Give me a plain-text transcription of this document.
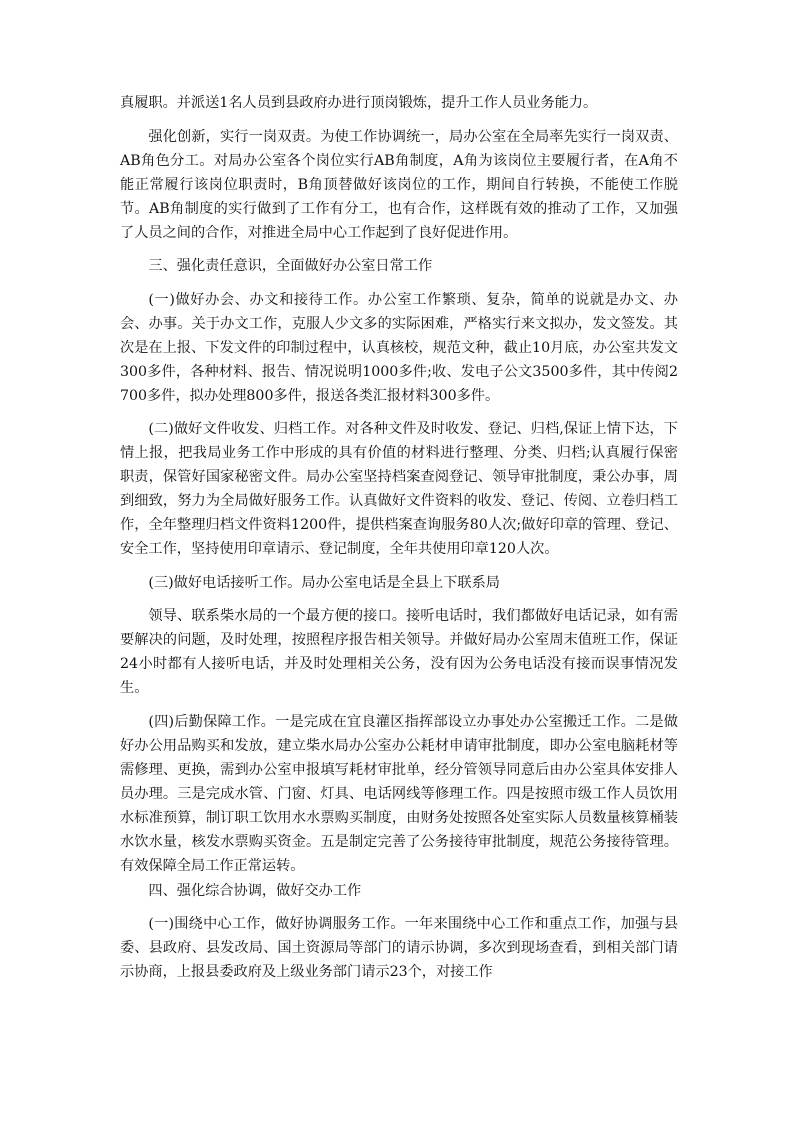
真履职。并派送1名人员到县政府办进行顶岗锻炼，提升工作人员业务能力。

强化创新，实行一岗双责。为使工作协调统一，局办公室在全局率先实行一岗双责、AB角色分工。对局办公室各个岗位实行AB角制度，A角为该岗位主要履行者，在A角不能正常履行该岗位职责时，B角顶替做好该岗位的工作，期间自行转换，不能使工作脱节。AB角制度的实行做到了工作有分工，也有合作，这样既有效的推动了工作，又加强了人员之间的合作，对推进全局中心工作起到了良好促进作用。

三、强化责任意识，全面做好办公室日常工作

(一)做好办会、办文和接待工作。办公室工作繁琐、复杂，简单的说就是办文、办会、办事。关于办文工作，克服人少文多的实际困难，严格实行来文拟办，发文签发。其次是在上报、下发文件的印制过程中，认真核校，规范文种，截止10月底，办公室共发文300多件，各种材料、报告、情况说明1000多件;收、发电子公文3500多件，其中传阅2700多件，拟办处理800多件，报送各类汇报材料300多件。

(二)做好文件收发、归档工作。对各种文件及时收发、登记、归档,保证上情下达，下情上报，把我局业务工作中形成的具有价值的材料进行整理、分类、归档;认真履行保密职责，保管好国家秘密文件。局办公室坚持档案查阅登记、领导审批制度，秉公办事，周到细致，努力为全局做好服务工作。认真做好文件资料的收发、登记、传阅、立卷归档工作，全年整理归档文件资料1200件，提供档案查询服务80人次;做好印章的管理、登记、安全工作，坚持使用印章请示、登记制度，全年共使用印章120人次。

(三)做好电话接听工作。局办公室电话是全县上下联系局

领导、联系柴水局的一个最方便的接口。接听电话时，我们都做好电话记录，如有需要解决的问题，及时处理，按照程序报告相关领导。并做好局办公室周末值班工作，保证24小时都有人接听电话，并及时处理相关公务，没有因为公务电话没有接而误事情况发生。

(四)后勤保障工作。一是完成在宜良灌区指挥部设立办事处办公室搬迁工作。二是做好办公用品购买和发放，建立柴水局办公室办公耗材申请审批制度，即办公室电脑耗材等需修理、更换，需到办公室申报填写耗材审批单，经分管领导同意后由办公室具体安排人员办理。三是完成水管、门窗、灯具、电话网线等修理工作。四是按照市级工作人员饮用水标准预算，制订职工饮用水水票购买制度，由财务处按照各处室实际人员数量核算桶装水饮水量，核发水票购买资金。五是制定完善了公务接待审批制度，规范公务接待管理。有效保障全局工作正常运转。

四、强化综合协调，做好交办工作

(一)围绕中心工作，做好协调服务工作。一年来围绕中心工作和重点工作，加强与县委、县政府、县发改局、国土资源局等部门的请示协调，多次到现场查看，到相关部门请示协商，上报县委政府及上级业务部门请示23个，对接工作
